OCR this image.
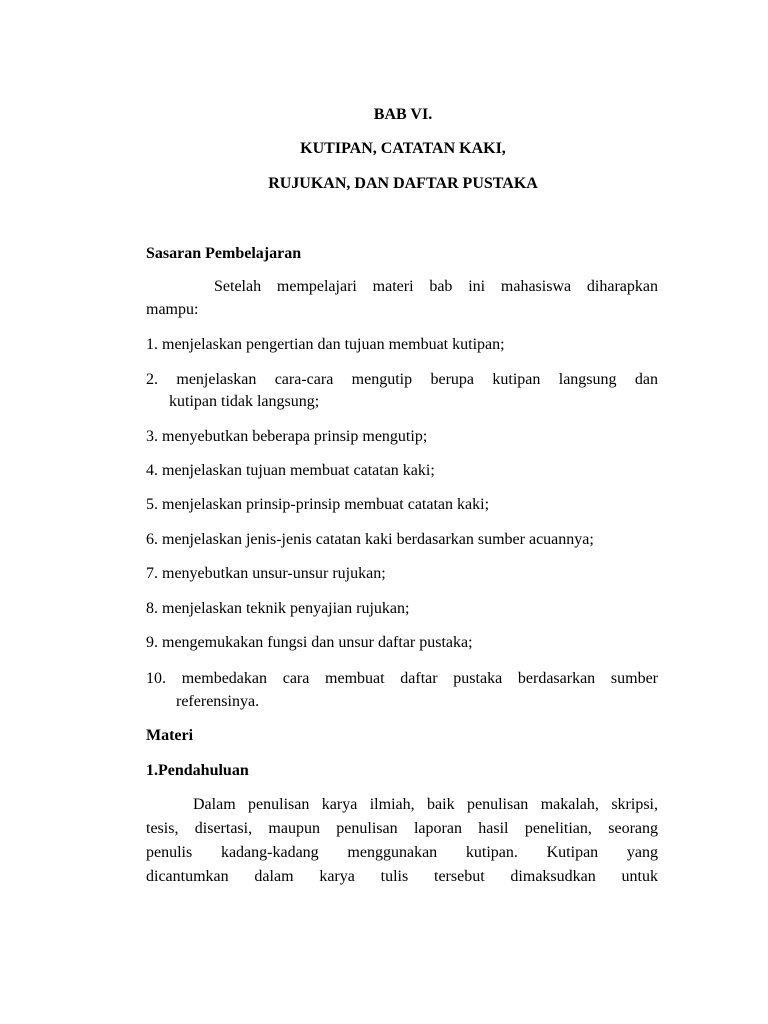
BAB VI.

KUTIPAN, CATATAN KAKI,

RUJUKAN, DAN DAFTAR PUSTAKA

Sasaran Pembelajaran

Setelah mempelajari materi bab ini mahasiswa diharapkan

mampu:

1. menjelaskan pengertian dan tujuan membuat kutipan;

2. menjelaskan cara-cara mengutip berupa kutipan langsung dan

kutipan tidak langsung;

3. menyebutkan beberapa prinsip mengutip;

4. menjelaskan tujuan membuat catatan kaki;

5. menjelaskan prinsip-prinsip membuat catatan kaki;

6. menjelaskan jenis-jenis catatan kaki berdasarkan sumber acuannya;

7. menyebutkan unsur-unsur rujukan;

8. menjelaskan teknik penyajian rujukan;

9. mengemukakan fungsi dan unsur daftar pustaka;

10. membedakan cara membuat daftar pustaka berdasarkan sumber

referensinya.

Materi

1.Pendahuluan

Dalam penulisan karya ilmiah, baik penulisan makalah, skripsi,

tesis, disertasi, maupun penulisan laporan hasil penelitian, seorang

penulis kadang-kadang menggunakan kutipan. Kutipan yang

dicantumkan dalam karya tulis tersebut dimaksudkan untuk
